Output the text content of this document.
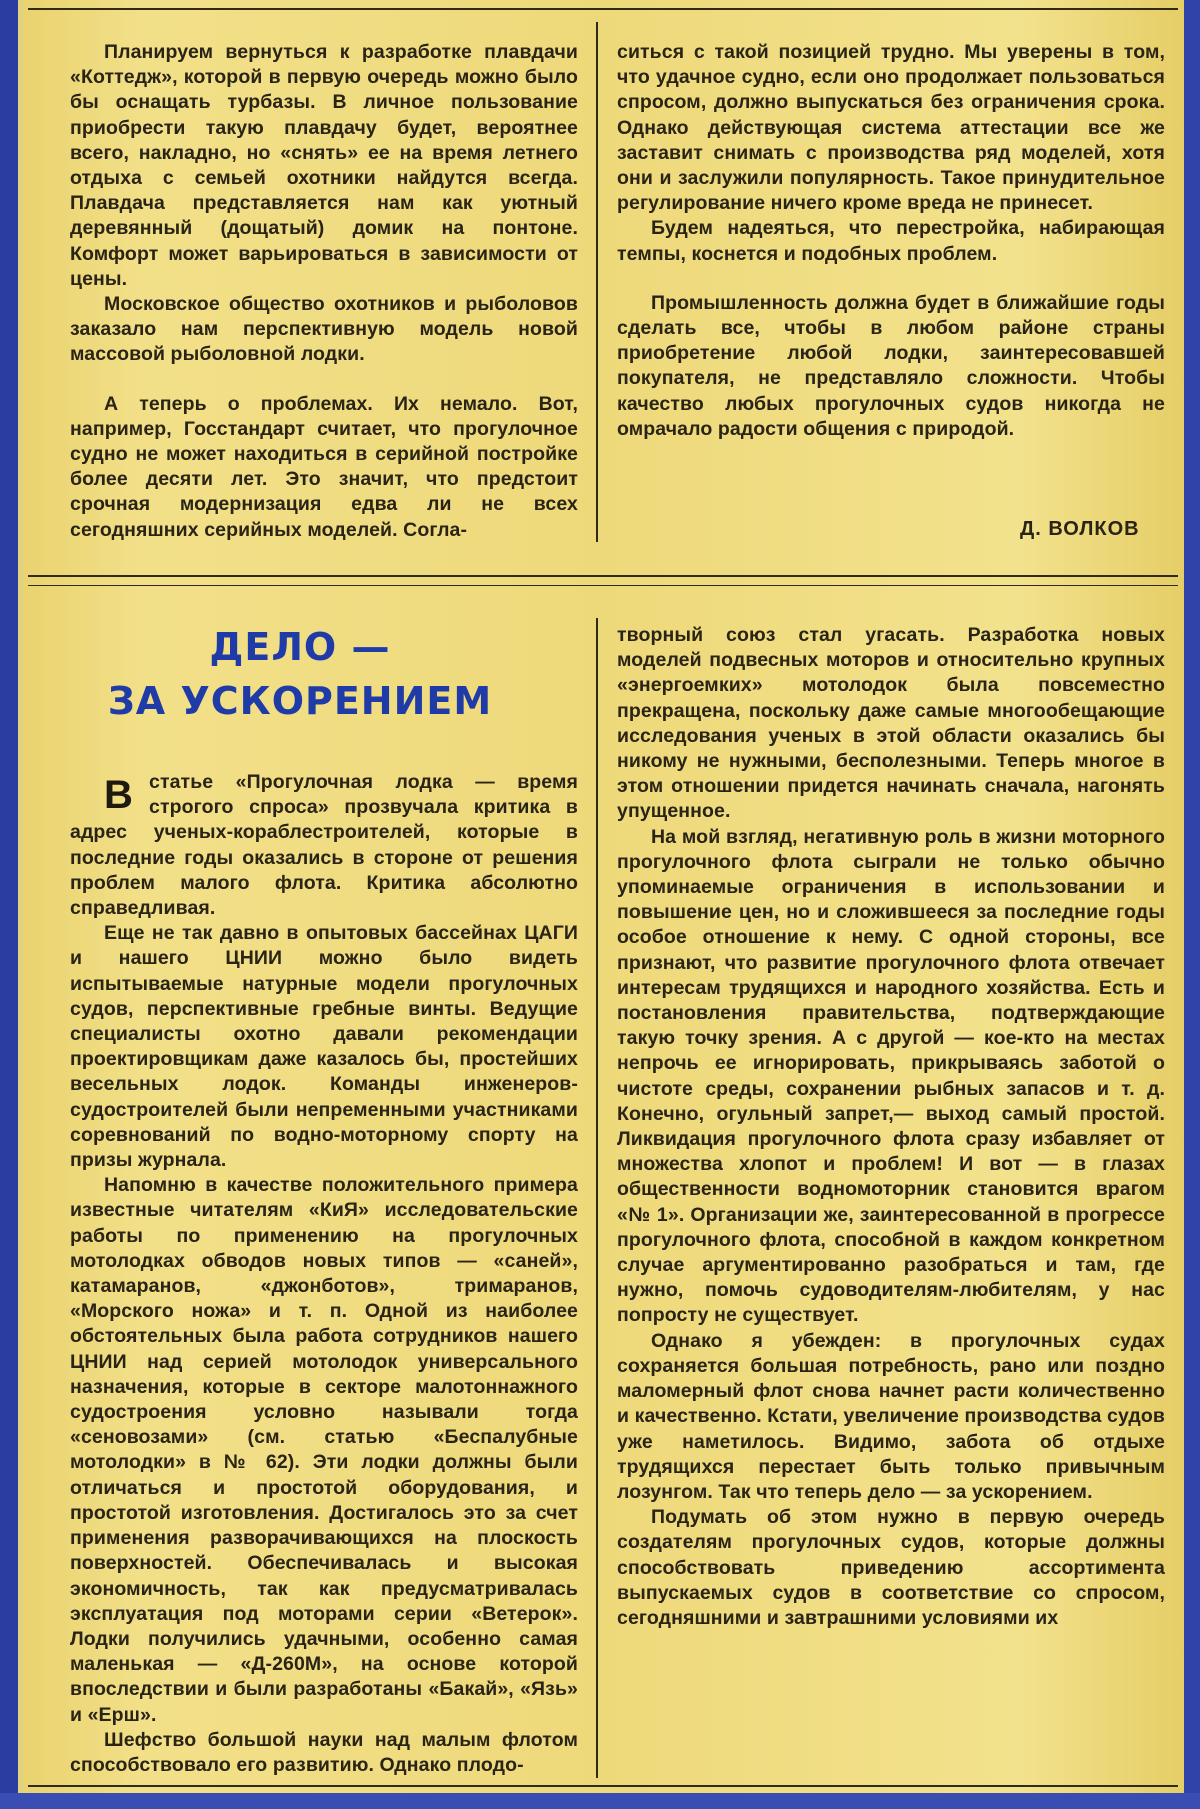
Планируем вернуться к разработке плавдачи «Коттедж», которой в первую очередь можно было бы оснащать турбазы. В личное пользование приобрести такую плавдачу будет, вероятнее всего, накладно, но «снять» ее на время летнего отдыха с семьей охотники найдутся всегда. Плавдача представляется нам как уютный деревянный (дощатый) домик на понтоне. Комфорт может варьироваться в зависимости от цены.

Московское общество охотников и рыболовов заказало нам перспективную модель новой массовой рыболовной лодки.

А теперь о проблемах. Их немало. Вот, например, Госстандарт считает, что прогулочное судно не может находиться в серийной постройке более десяти лет. Это значит, что предстоит срочная модернизация едва ли не всех сегодняшних серийных моделей. Согла-

ситься с такой позицией трудно. Мы уверены в том, что удачное судно, если оно продолжает пользоваться спросом, должно выпускаться без ограничения срока. Однако действующая система аттестации все же заставит снимать с производства ряд моделей, хотя они и заслужили популярность. Такое принудительное регулирование ничего кроме вреда не принесет.

Будем надеяться, что перестройка, набирающая темпы, коснется и подобных проблем.

Промышленность должна будет в ближайшие годы сделать все, чтобы в любом районе страны приобретение любой лодки, заинтересовавшей покупателя, не представляло сложности. Чтобы качество любых прогулочных судов никогда не омрачало радости общения с природой.

Д. ВОЛКОВ
ДЕЛО —
ЗА УСКОРЕНИЕМ

Встатье «Прогулочная лодка — время строгого спроса» прозвучала критика в адрес ученых-кораблестроителей, которые в последние годы оказались в стороне от решения проблем малого флота. Критика абсолютно справедливая.

Еще не так давно в опытовых бассейнах ЦАГИ и нашего ЦНИИ можно было видеть испытываемые натурные модели прогулочных судов, перспективные гребные винты. Ведущие специалисты охотно давали рекомендации проектировщикам даже казалось бы, простейших весельных лодок. Команды инженеров-судостроителей были непременными участниками соревнований по водно-моторному спорту на призы журнала.

Напомню в качестве положительного примера известные читателям «КиЯ» исследовательские работы по применению на прогулочных мотолодках обводов новых типов — «саней», катамаранов, «джонботов», тримаранов, «Морского ножа» и т. п. Одной из наиболее обстоятельных была работа сотрудников нашего ЦНИИ над серией мотолодок универсального назначения, которые в секторе малотоннажного судостроения условно называли тогда «сеновозами» (см. статью «Беспалубные мотолодки» в № 62). Эти лодки должны были отличаться и простотой оборудования, и простотой изготовления. Достигалось это за счет применения разворачивающихся на плоскость поверхностей. Обеспечивалась и высокая экономичность, так как предусматривалась эксплуатация под моторами серии «Ветерок». Лодки получились удачными, особенно самая маленькая — «Д-260М», на основе которой впоследствии и были разработаны «Бакай», «Язь» и «Ерш».

Шефство большой науки над малым флотом способствовало его развитию. Однако плодо-

творный союз стал угасать. Разработка новых моделей подвесных моторов и относительно крупных «энергоемких» мотолодок была повсеместно прекращена, поскольку даже самые многообещающие исследования ученых в этой области оказались бы никому не нужными, бесполезными. Теперь многое в этом отношении придется начинать сначала, нагонять упущенное.

На мой взгляд, негативную роль в жизни моторного прогулочного флота сыграли не только обычно упоминаемые ограничения в использовании и повышение цен, но и сложившееся за последние годы особое отношение к нему. С одной стороны, все признают, что развитие прогулочного флота отвечает интересам трудящихся и народного хозяйства. Есть и постановления правительства, подтверждающие такую точку зрения. А с другой — кое-кто на местах непрочь ее игнорировать, прикрываясь заботой о чистоте среды, сохранении рыбных запасов и т. д. Конечно, огульный запрет,— выход самый простой. Ликвидация прогулочного флота сразу избавляет от множества хлопот и проблем! И вот — в глазах общественности водномоторник становится врагом «№ 1». Организации же, заинтересованной в прогрессе прогулочного флота, способной в каждом конкретном случае аргументированно разобраться и там, где нужно, помочь судоводителям-любителям, у нас попросту не существует.

Однако я убежден: в прогулочных судах сохраняется большая потребность, рано или поздно маломерный флот снова начнет расти количественно и качественно. Кстати, увеличение производства судов уже наметилось. Видимо, забота об отдыхе трудящихся перестает быть только привычным лозунгом. Так что теперь дело — за ускорением.

Подумать об этом нужно в первую очередь создателям прогулочных судов, которые должны способствовать приведению ассортимента выпускаемых судов в соответствие со спросом, сегодняшними и завтрашними условиями их
